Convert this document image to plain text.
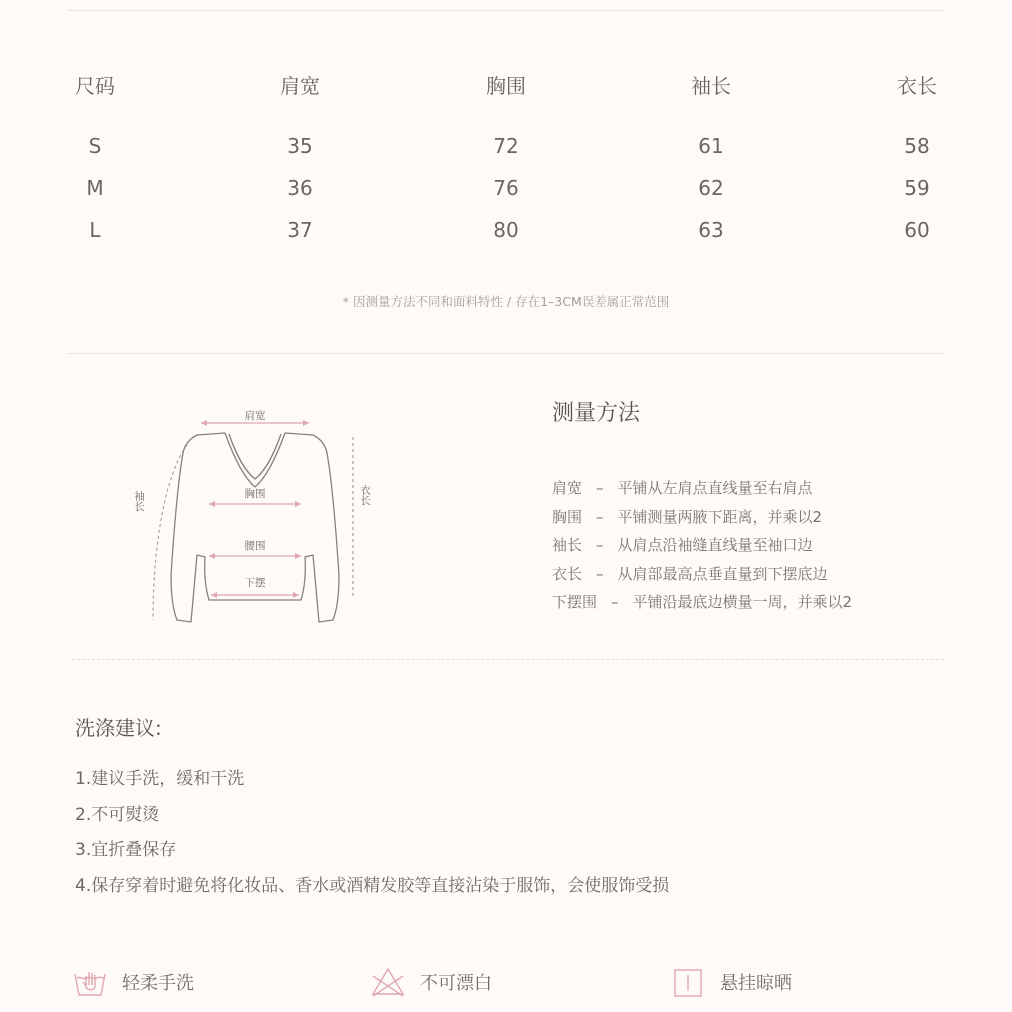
尺码	肩宽	胸围	袖长	衣长
S	35	72	61	58
M	36	76	62	59
L	37	80	63	60
* 因测量方法不同和面料特性 / 存在1–3CM误差属正常范围
肩宽
胸围
腰围
下摆
袖长	衣长
测量方法
肩宽 – 平铺从左肩点直线量至右肩点
胸围 – 平铺测量两腋下距离，并乘以2
袖长 – 从肩点沿袖缝直线量至袖口边
衣长 – 从肩部最高点垂直量到下摆底边
下摆围 – 平铺沿最底边横量一周，并乘以2
洗涤建议:
1.建议手洗，缓和干洗
2.不可熨烫
3.宜折叠保存
4.保存穿着时避免将化妆品、香水或酒精发胶等直接沾染于服饰，会使服饰受损
轻柔手洗	不可漂白	悬挂晾晒
